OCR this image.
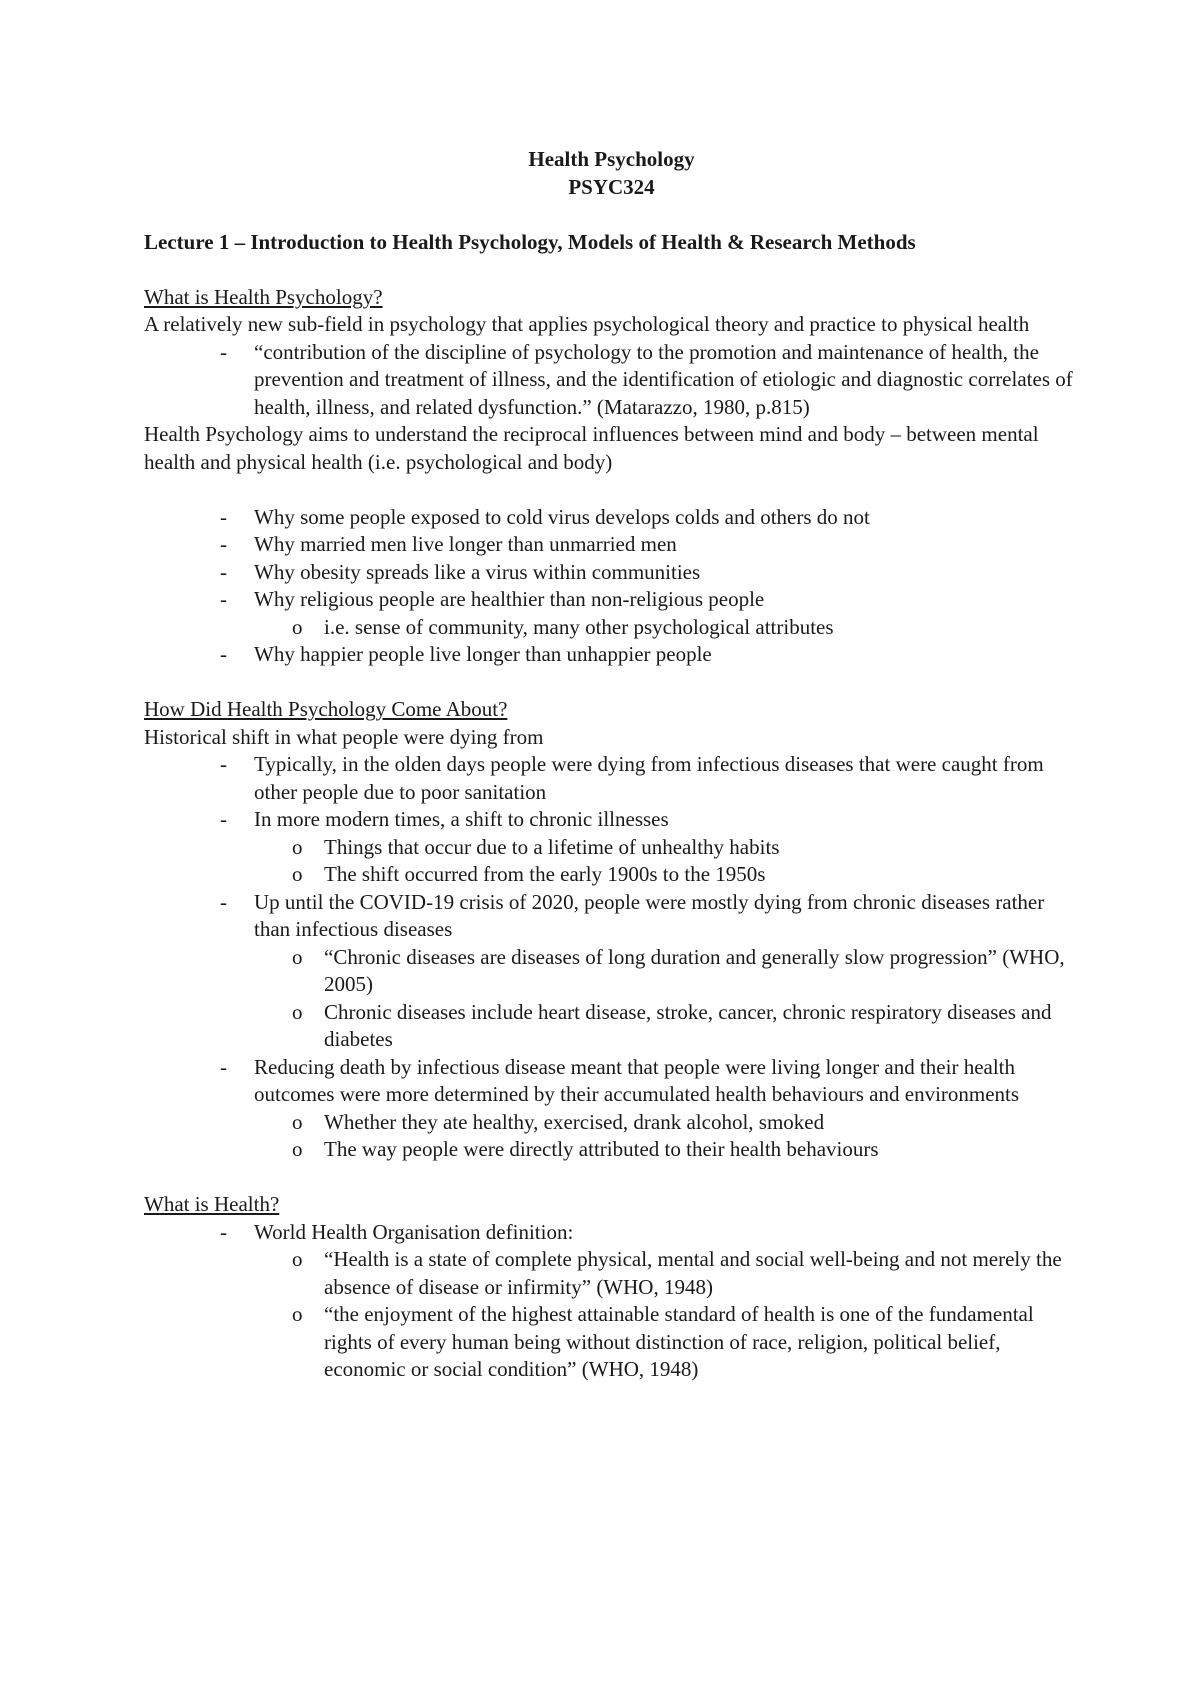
Health Psychology

PSYC324

Lecture 1 – Introduction to Health Psychology, Models of Health & Research Methods

What is Health Psychology?

A relatively new sub-field in psychology that applies psychological theory and practice to physical health

- “contribution of the discipline of psychology to the promotion and maintenance of health, the prevention and treatment of illness, and the identification of etiologic and diagnostic correlates of health, illness, and related dysfunction.” (Matarazzo, 1980, p.815)

Health Psychology aims to understand the reciprocal influences between mind and body – between mental health and physical health (i.e. psychological and body)

- Why some people exposed to cold virus develops colds and others do not
- Why married men live longer than unmarried men
- Why obesity spreads like a virus within communities
- Why religious people are healthier than non-religious people
o i.e. sense of community, many other psychological attributes
- Why happier people live longer than unhappier people

How Did Health Psychology Come About?

Historical shift in what people were dying from

- Typically, in the olden days people were dying from infectious diseases that were caught from other people due to poor sanitation
- In more modern times, a shift to chronic illnesses
o Things that occur due to a lifetime of unhealthy habits
o The shift occurred from the early 1900s to the 1950s
- Up until the COVID-19 crisis of 2020, people were mostly dying from chronic diseases rather than infectious diseases
o “Chronic diseases are diseases of long duration and generally slow progression” (WHO, 2005)
o Chronic diseases include heart disease, stroke, cancer, chronic respiratory diseases and diabetes
- Reducing death by infectious disease meant that people were living longer and their health outcomes were more determined by their accumulated health behaviours and environments
o Whether they ate healthy, exercised, drank alcohol, smoked
o The way people were directly attributed to their health behaviours

What is Health?

- World Health Organisation definition:
o “Health is a state of complete physical, mental and social well-being and not merely the absence of disease or infirmity” (WHO, 1948)
o “the enjoyment of the highest attainable standard of health is one of the fundamental rights of every human being without distinction of race, religion, political belief, economic or social condition” (WHO, 1948)
